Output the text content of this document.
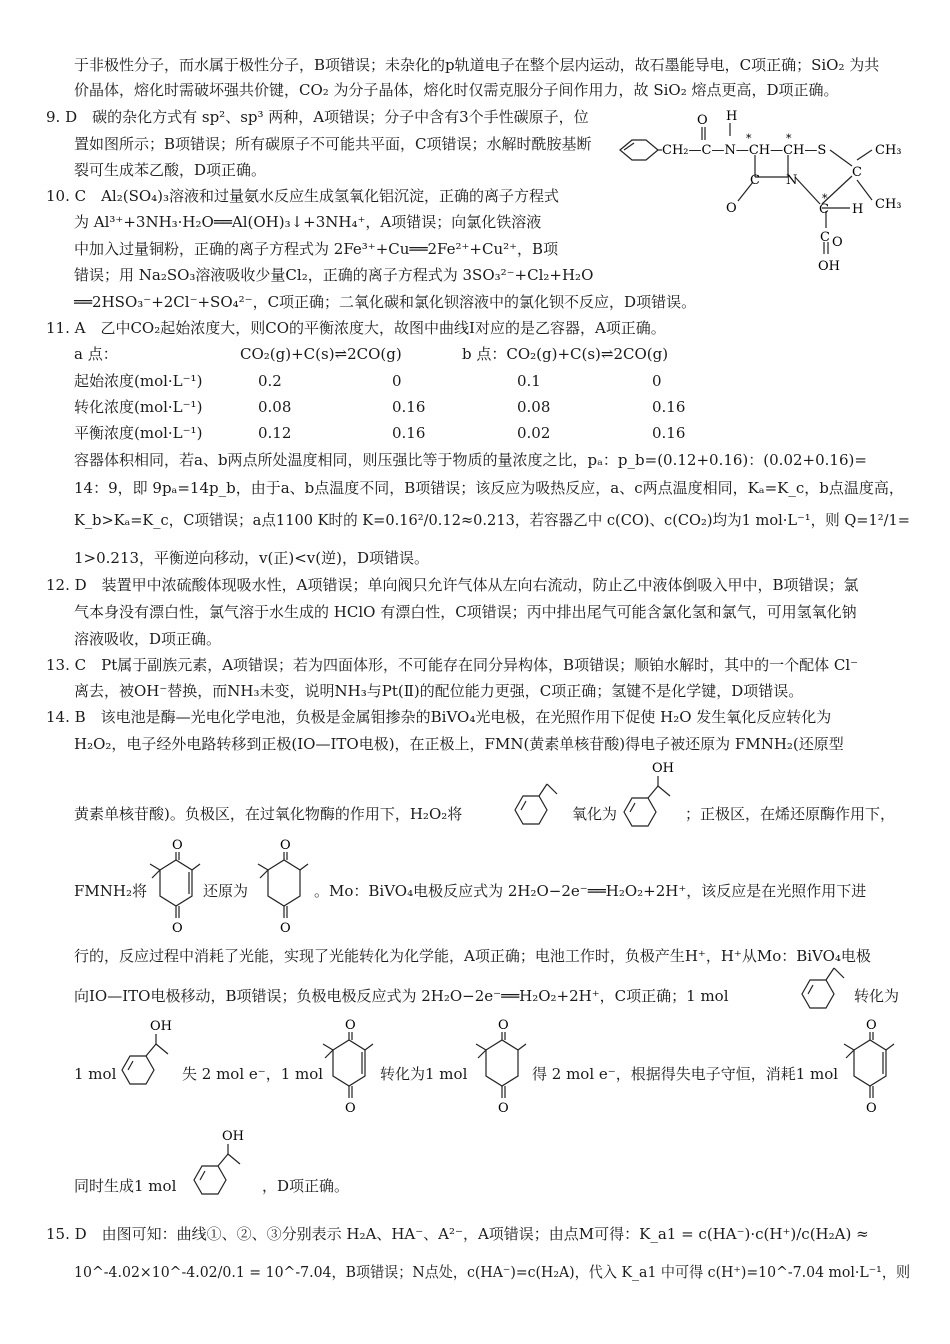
于非极性分子，而水属于极性分子，B项错误；未杂化的p轨道电子在整个层内运动，故石墨能导电，C项正确；SiO₂ 为共
价晶体，熔化时需破坏强共价键，CO₂ 为分子晶体，熔化时仅需克服分子间作用力，故 SiO₂ 熔点更高，D项正确。
9. D　碳的杂化方式有 sp²、sp³ 两种，A项错误；分子中含有3个手性碳原子，位
置如图所示；B项错误；所有碳原子不可能共平面，C项错误；水解时酰胺基断
裂可生成苯乙酸，D项正确。
10. C　Al₂(SO₄)₃溶液和过量氨水反应生成氢氧化铝沉淀，正确的离子方程式
为 Al³⁺+3NH₃·H₂O══Al(OH)₃↓+3NH₄⁺，A项错误；向氯化铁溶液
中加入过量铜粉，正确的离子方程式为 2Fe³⁺+Cu══2Fe²⁺+Cu²⁺，B项
错误；用 Na₂SO₃溶液吸收少量Cl₂，正确的离子方程式为 3SO₃²⁻+Cl₂+H₂O
══2HSO₃⁻+2Cl⁻+SO₄²⁻，C项正确；二氧化碳和氯化钡溶液中的氯化钡不反应，D项错误。
O H
CH₂—C—N—CH—CH—S	CH₃
CH₃
C
C N
O	C H
C O
OH
*	*
*
11. A　乙中CO₂起始浓度大，则CO的平衡浓度大，故图中曲线Ⅰ对应的是乙容器，A项正确。
a 点：	CO₂(g)+C(s)⇌2CO(g)	b 点：CO₂(g)+C(s)⇌2CO(g)
起始浓度(mol·L⁻¹)	0.2	0	0.1	0
转化浓度(mol·L⁻¹)	0.08	0.16	0.08	0.16
平衡浓度(mol·L⁻¹)	0.12	0.16	0.02	0.16
容器体积相同，若a、b两点所处温度相同，则压强比等于物质的量浓度之比，pₐ：p_b=(0.12+0.16)：(0.02+0.16)=
14：9，即 9pₐ=14p_b，由于a、b点温度不同，B项错误；该反应为吸热反应，a、c两点温度相同，Kₐ=K_c，b点温度高，
K_b>Kₐ=K_c，C项错误；a点1100 K时的 K=0.16²/0.12≈0.213，若容器乙中 c(CO)、c(CO₂)均为1 mol·L⁻¹，则 Q=1²/1=
1>0.213，平衡逆向移动，v(正)<v(逆)，D项错误。
12. D　装置甲中浓硫酸体现吸水性，A项错误；单向阀只允许气体从左向右流动，防止乙中液体倒吸入甲中，B项错误；氯
气本身没有漂白性，氯气溶于水生成的 HClO 有漂白性，C项错误；丙中排出尾气可能含氯化氢和氯气，可用氢氧化钠
溶液吸收，D项正确。
13. C　Pt属于副族元素，A项错误；若为四面体形，不可能存在同分异构体，B项错误；顺铂水解时，其中的一个配体 Cl⁻
离去，被OH⁻替换，而NH₃未变，说明NH₃与Pt(Ⅱ)的配位能力更强，C项正确；氢键不是化学键，D项错误。
14. B　该电池是酶—光电化学电池，负极是金属钼掺杂的BiVO₄光电极，在光照作用下促使 H₂O 发生氧化反应转化为
H₂O₂，电子经外电路转移到正极(IO—ITO电极)，在正极上，FMN(黄素单核苷酸)得电子被还原为 FMNH₂(还原型
黄素单核苷酸)。负极区，在过氧化物酶的作用下，H₂O₂将	氧化为
OH
；正极区，在烯还原酶作用下，
FMNH₂将
O
O
还原为
O
O
。Mo：BiVO₄电极反应式为 2H₂O−2e⁻══H₂O₂+2H⁺，该反应是在光照作用下进
行的，反应过程中消耗了光能，实现了光能转化为化学能，A项正确；电池工作时，负极产生H⁺，H⁺从Mo：BiVO₄电极
向IO—ITO电极移动，B项错误；负极电极反应式为 2H₂O−2e⁻══H₂O₂+2H⁺，C项正确；1 mol	转化为
1 mol
OH
失 2 mol e⁻，1 mol
O
O
转化为1 mol
O
O
得 2 mol e⁻，根据得失电子守恒，消耗1 mol
O
O
同时生成1 mol
OH
，D项正确。
15. D　由图可知：曲线①、②、③分别表示 H₂A、HA⁻、A²⁻，A项错误；由点M可得：K_a1 = c(HA⁻)·c(H⁺)/c(H₂A) ≈
10^-4.02×10^-4.02/0.1 = 10^-7.04，B项错误；N点处，c(HA⁻)=c(H₂A)，代入 K_a1 中可得 c(H⁺)=10^-7.04 mol·L⁻¹，则
